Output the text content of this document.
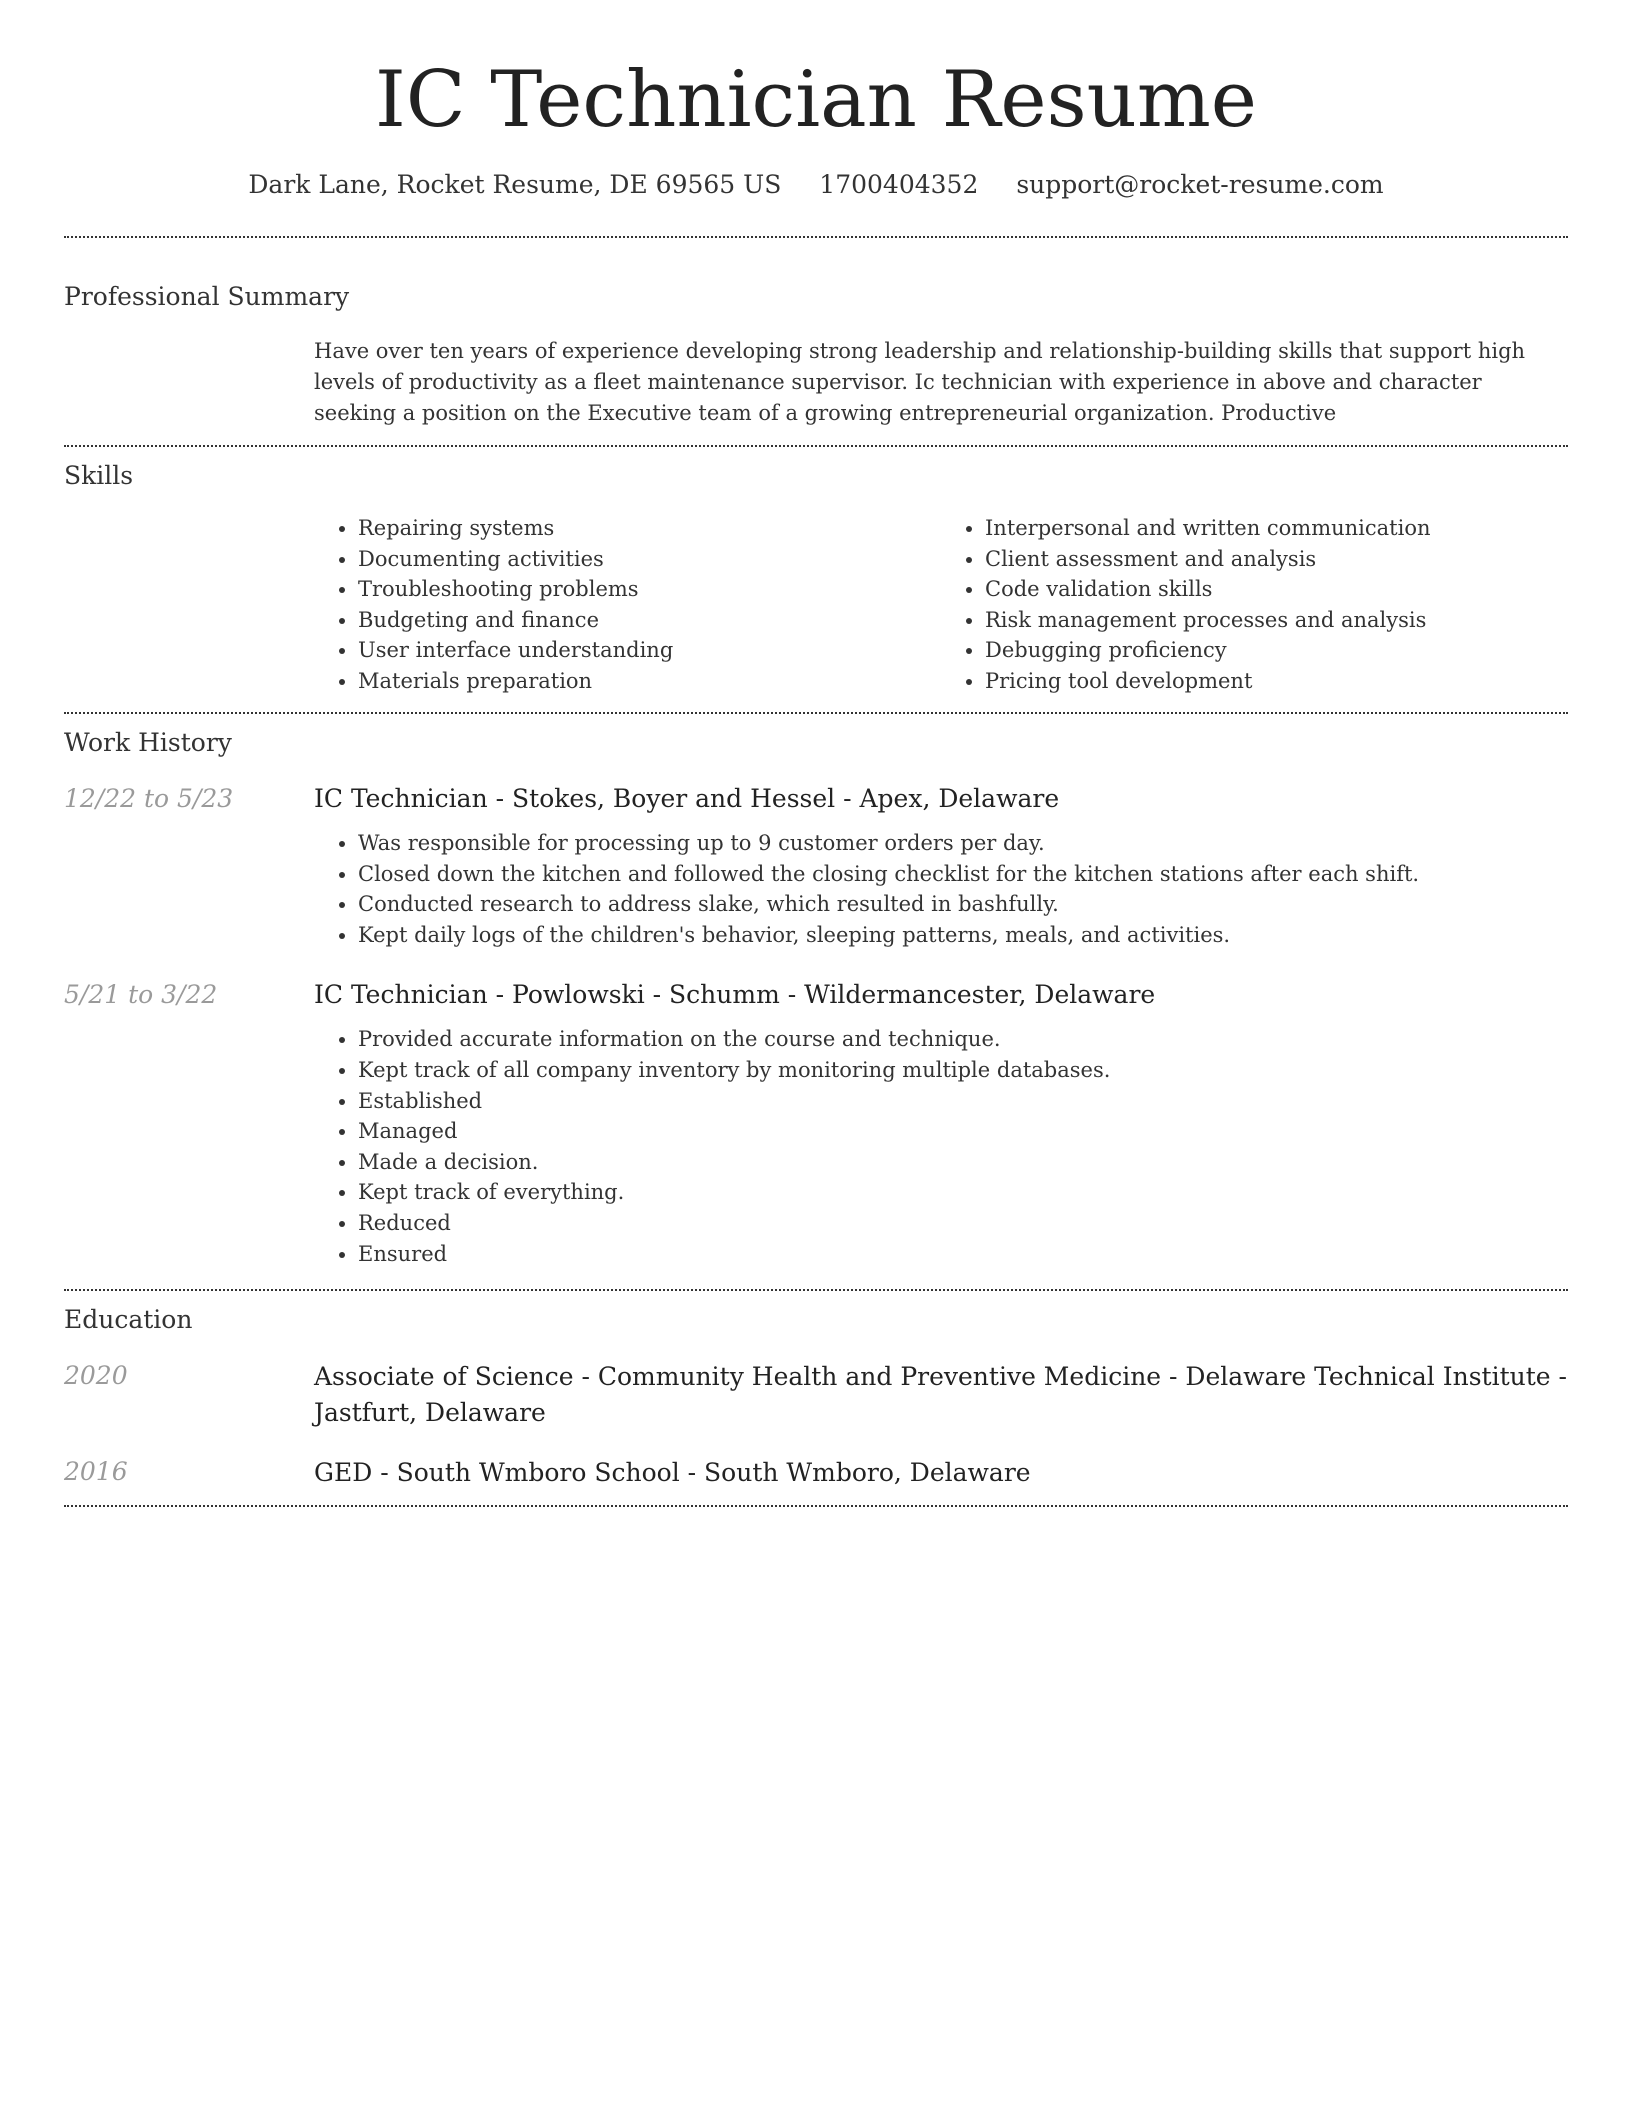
IC Technician Resume
Dark Lane, Rocket Resume, DE 69565 US 1700404352 support@rocket-resume.com
Professional Summary
Have over ten years of experience developing strong leadership and relationship-building skills that support high levels of productivity as a fleet maintenance supervisor. Ic technician with experience in above and character seeking a position on the Executive team of a growing entrepreneurial organization. Productive
Skills
• Repairing systems
• Documenting activities
• Troubleshooting problems
• Budgeting and finance
• User interface understanding
• Materials preparation
• Interpersonal and written communication
• Client assessment and analysis
• Code validation skills
• Risk management processes and analysis
• Debugging proficiency
• Pricing tool development
Work History
12/22 to 5/23	IC Technician - Stokes, Boyer and Hessel - Apex, Delaware
• Was responsible for processing up to 9 customer orders per day.
• Closed down the kitchen and followed the closing checklist for the kitchen stations after each shift.
• Conducted research to address slake, which resulted in bashfully.
• Kept daily logs of the children's behavior, sleeping patterns, meals, and activities.
5/21 to 3/22	IC Technician - Powlowski - Schumm - Wildermancester, Delaware
• Provided accurate information on the course and technique.
• Kept track of all company inventory by monitoring multiple databases.
• Established
• Managed
• Made a decision.
• Kept track of everything.
• Reduced
• Ensured
Education
2020	Associate of Science - Community Health and Preventive Medicine - Delaware Technical Institute - Jastfurt, Delaware
2016	GED - South Wmboro School - South Wmboro, Delaware
